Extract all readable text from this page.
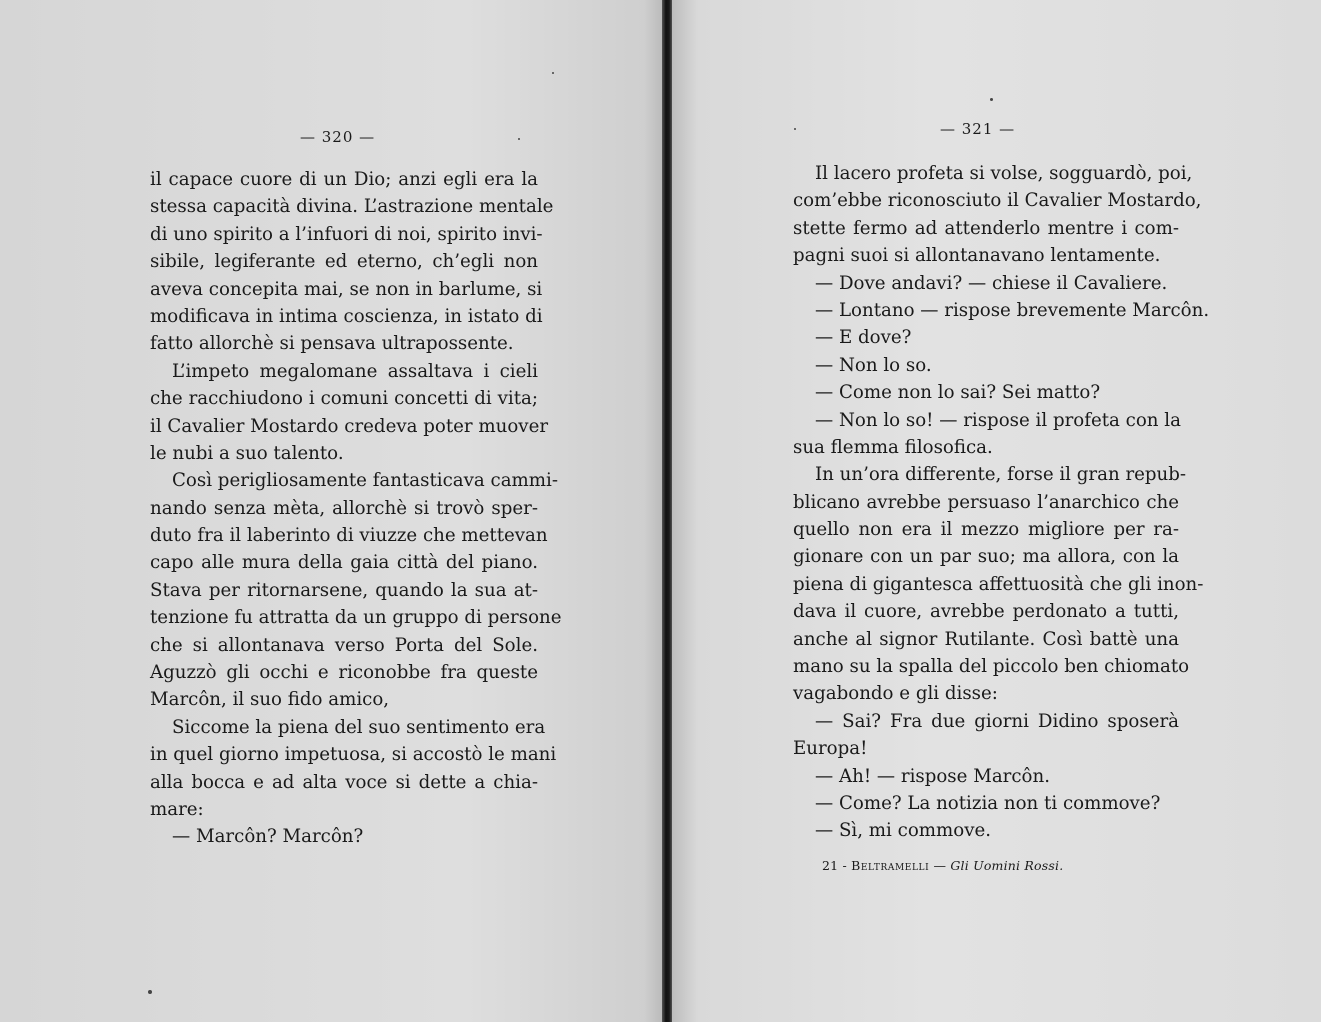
— 320 —
il capace cuore di un Dio; anzi egli era la
stessa capacità divina. L’astrazione mentale
di uno spirito a l’infuori di noi, spirito invi-
sibile, legiferante ed eterno, ch’egli non
aveva concepita mai, se non in barlume, si
modificava in intima coscienza, in istato di
fatto allorchè si pensava ultrapossente.
L’impeto megalomane assaltava i cieli
che racchiudono i comuni concetti di vita;
il Cavalier Mostardo credeva poter muover
le nubi a suo talento.
Così perigliosamente fantasticava cammi-
nando senza mèta, allorchè si trovò sper-
duto fra il laberinto di viuzze che mettevan
capo alle mura della gaia città del piano.
Stava per ritornarsene, quando la sua at-
tenzione fu attratta da un gruppo di persone
che si allontanava verso Porta del Sole.
Aguzzò gli occhi e riconobbe fra queste
Marcôn, il suo fido amico,
Siccome la piena del suo sentimento era
in quel giorno impetuosa, si accostò le mani
alla bocca e ad alta voce si dette a chia-
mare:
— Marcôn? Marcôn?
— 321 —
Il lacero profeta si volse, sogguardò, poi,
com’ebbe riconosciuto il Cavalier Mostardo,
stette fermo ad attenderlo mentre i com-
pagni suoi si allontanavano lentamente.
— Dove andavi? — chiese il Cavaliere.
— Lontano — rispose brevemente Marcôn.
— E dove?
— Non lo so.
— Come non lo sai? Sei matto?
— Non lo so! — rispose il profeta con la
sua flemma filosofica.
In un’ora differente, forse il gran repub-
blicano avrebbe persuaso l’anarchico che
quello non era il mezzo migliore per ra-
gionare con un par suo; ma allora, con la
piena di gigantesca affettuosità che gli inon-
dava il cuore, avrebbe perdonato a tutti,
anche al signor Rutilante. Così battè una
mano su la spalla del piccolo ben chiomato
vagabondo e gli disse:
— Sai? Fra due giorni Didino sposerà
Europa!
— Ah! — rispose Marcôn.
— Come? La notizia non ti commove?
— Sì, mi commove.
21 - Beltramelli — Gli Uomini Rossi.
